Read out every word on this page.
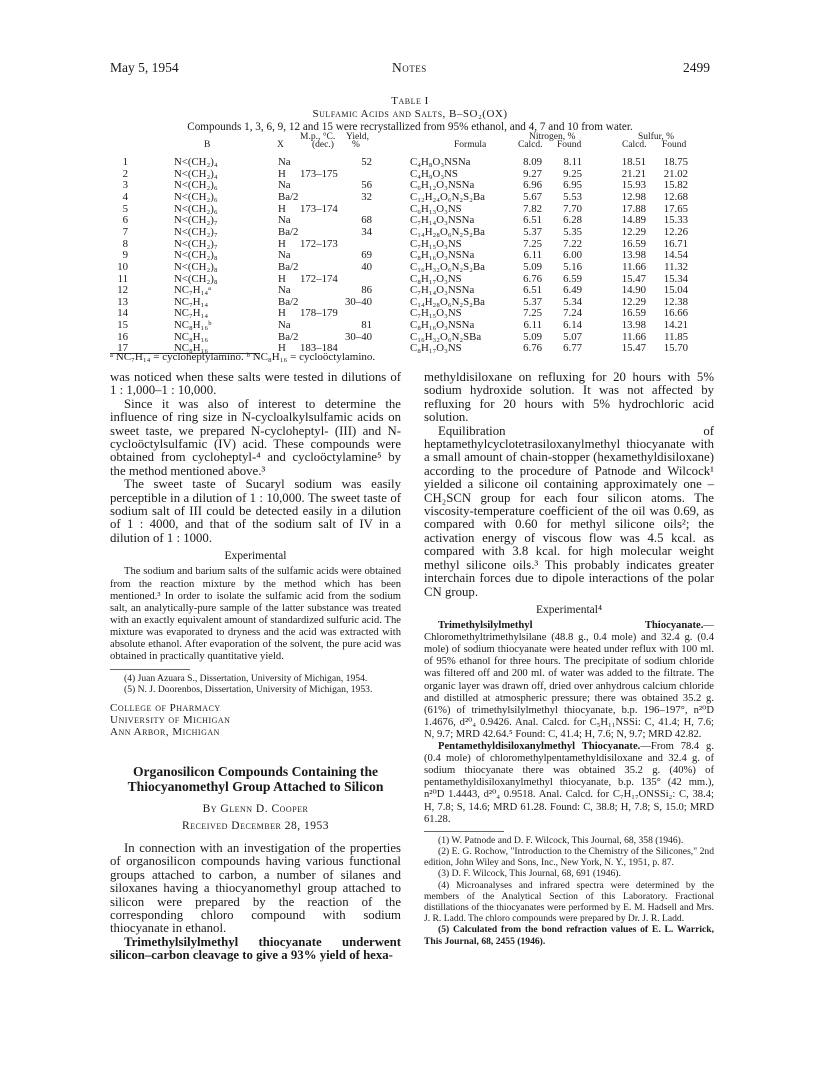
May 5, 1954	Notes	2499
Table I
Sulfamic Acids and Salts, B–SO₂(OX)
Compounds 1, 3, 6, 9, 12 and 15 were recrystallized from 95% ethanol, and 4, 7 and 10 from water.
M.p., °C.
(dec.)
Yield,
%
Nitrogen, %	Sulfur, %
B	X	Formula	Calcd. Found	Calcd. Found
1	N<(CH₂)₄	Na	52	C₄H₈O₃NSNa	8.09	8.11	18.51	18.75
2	N<(CH₂)₄	H 173–175	C₄H₉O₃NS	9.27	9.25	21.21	21.02
3	N<(CH₂)₆	Na	56	C₆H₁₂O₃NSNa	6.96	6.95	15.93	15.82
4	N<(CH₂)₆	Ba/2	32	C₁₂H₂₄O₆N₂S₂Ba	5.67	5.53	12.98	12.68
5	N<(CH₂)₆	H 173–174	C₆H₁₃O₃NS	7.82	7.70	17.88	17.65
6	N<(CH₂)₇	Na	68	C₇H₁₄O₃NSNa	6.51	6.28	14.89	15.33
7	N<(CH₂)₇	Ba/2	34	C₁₄H₂₈O₆N₂S₂Ba	5.37	5.35	12.29	12.26
8	N<(CH₂)₇	H 172–173	C₇H₁₅O₃NS	7.25	7.22	16.59	16.71
9	N<(CH₂)₈	Na	69	C₈H₁₆O₃NSNa	6.11	6.00	13.98	14.54
10	N<(CH₂)₈	Ba/2	40	C₁₆H₃₂O₆N₂S₂Ba	5.09	5.16	11.66	11.32
11	N<(CH₂)₈	H 172–174	C₈H₁₇O₃NS	6.76	6.59	15.47	15.34
12	NC₇H₁₄ᵃ	Na	86	C₇H₁₄O₃NSNa	6.51	6.49	14.90	15.04
13	NC₇H₁₄	Ba/2	30–40	C₁₄H₂₈O₆N₂S₂Ba	5.37	5.34	12.29	12.38
14	NC₇H₁₄	H 178–179	C₇H₁₅O₃NS	7.25	7.24	16.59	16.66
15	NC₈H₁₆ᵇ	Na	81	C₈H₁₆O₃NSNa	6.11	6.14	13.98	14.21
16	NC₈H₁₆	Ba/2	30–40	C₁₆H₃₂O₆N₂SBa	5.09	5.07	11.66	11.85
17	NC₈H₁₆	H 183–184	C₈H₁₇O₃NS	6.76	6.77	15.47	15.70
ᵃ NC₇H₁₄ = cycloheptylamino. ᵇ NC₈H₁₆ = cycloöctylamino.

was noticed when these salts were tested in dilutions of 1 : 1,000–1 : 10,000.

Since it was also of interest to determine the influence of ring size in N-cycloalkylsulfamic acids on sweet taste, we prepared N-cycloheptyl- (III) and N-cycloöctylsulfamic (IV) acid. These compounds were obtained from cycloheptyl-⁴ and cycloöctylamine⁵ by the method mentioned above.³

The sweet taste of Sucaryl sodium was easily perceptible in a dilution of 1 : 10,000. The sweet taste of sodium salt of III could be detected easily in a dilution of 1 : 4000, and that of the sodium salt of IV in a dilution of 1 : 1000.

Experimental

The sodium and barium salts of the sulfamic acids were obtained from the reaction mixture by the method which has been mentioned.³ In order to isolate the sulfamic acid from the sodium salt, an analytically-pure sample of the latter substance was treated with an exactly equivalent amount of standardized sulfuric acid. The mixture was evaporated to dryness and the acid was extracted with absolute ethanol. After evaporation of the solvent, the pure acid was obtained in practically quantitative yield.

(4) Juan Azuara S., Dissertation, University of Michigan, 1954.

(5) N. J. Doorenbos, Dissertation, University of Michigan, 1953.

College of Pharmacy
University of Michigan
Ann Arbor, Michigan

Organosilicon Compounds Containing the Thiocyanomethyl Group Attached to Silicon

By Glenn D. Cooper

Received December 28, 1953

In connection with an investigation of the properties of organosilicon compounds having various functional groups attached to carbon, a number of silanes and siloxanes having a thiocyanomethyl group attached to silicon were prepared by the reaction of the corresponding chloro compound with sodium thiocyanate in ethanol.

Trimethylsilylmethyl thiocyanate underwent silicon–carbon cleavage to give a 93% yield of hexa-

methyldisiloxane on refluxing for 20 hours with 5% sodium hydroxide solution. It was not affected by refluxing for 20 hours with 5% hydrochloric acid solution.

Equilibration of heptamethylcyclotetrasiloxanylmethyl thiocyanate with a small amount of chain-stopper (hexamethyldisiloxane) according to the procedure of Patnode and Wilcock¹ yielded a silicone oil containing approximately one –CH₂SCN group for each four silicon atoms. The viscosity-temperature coefficient of the oil was 0.69, as compared with 0.60 for methyl silicone oils²; the activation energy of viscous flow was 4.5 kcal. as compared with 3.8 kcal. for high molecular weight methyl silicone oils.³ This probably indicates greater interchain forces due to dipole interactions of the polar CN group.

Experimental⁴

Trimethylsilylmethyl Thiocyanate.—Chloromethyltrimethylsilane (48.8 g., 0.4 mole) and 32.4 g. (0.4 mole) of sodium thiocyanate were heated under reflux with 100 ml. of 95% ethanol for three hours. The precipitate of sodium chloride was filtered off and 200 ml. of water was added to the filtrate. The organic layer was drawn off, dried over anhydrous calcium chloride and distilled at atmospheric pressure; there was obtained 35.2 g. (61%) of trimethylsilylmethyl thiocyanate, b.p. 196–197°, n²⁰D 1.4676, d²⁰₄ 0.9426. Anal. Calcd. for C₅H₁₁NSSi: C, 41.4; H, 7.6; N, 9.7; MRD 42.64.⁵ Found: C, 41.4; H, 7.6; N, 9.7; MRD 42.82.

Pentamethyldisiloxanylmethyl Thiocyanate.—From 78.4 g. (0.4 mole) of chloromethylpentamethyldisiloxane and 32.4 g. of sodium thiocyanate there was obtained 35.2 g. (40%) of pentamethyldisiloxanylmethyl thiocyanate, b.p. 135° (42 mm.), n²⁰D 1.4443, d²⁰₄ 0.9518. Anal. Calcd. for C₇H₁₇ONSSi₂: C, 38.4; H, 7.8; S, 14.6; MRD 61.28. Found: C, 38.8; H, 7.8; S, 15.0; MRD 61.28.

(1) W. Patnode and D. F. Wilcock, This Journal, 68, 358 (1946).

(2) E. G. Rochow, "Introduction to the Chemistry of the Silicones," 2nd edition, John Wiley and Sons, Inc., New York, N. Y., 1951, p. 87.

(3) D. F. Wilcock, This Journal, 68, 691 (1946).

(4) Microanalyses and infrared spectra were determined by the members of the Analytical Section of this Laboratory. Fractional distillations of the thiocyanates were performed by E. M. Hadsell and Mrs. J. R. Ladd. The chloro compounds were prepared by Dr. J. R. Ladd.

(5) Calculated from the bond refraction values of E. L. Warrick, This Journal, 68, 2455 (1946).
